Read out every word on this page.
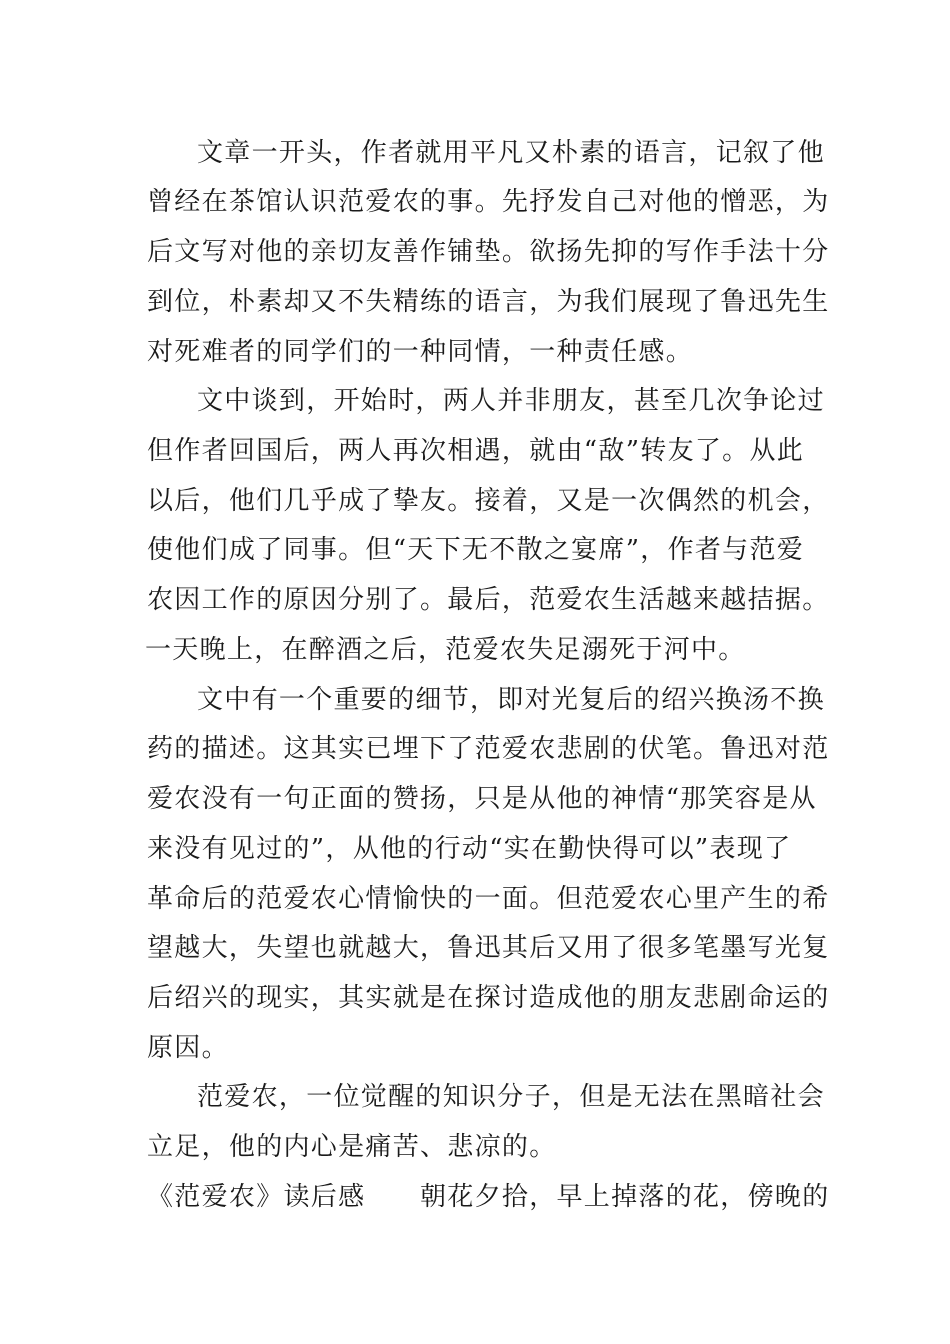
文章一开头，作者就用平凡又朴素的语言，记叙了他
曾经在茶馆认识范爱农的事。先抒发自己对他的憎恶，为
后文写对他的亲切友善作铺垫。欲扬先抑的写作手法十分
到位，朴素却又不失精练的语言，为我们展现了鲁迅先生
对死难者的同学们的一种同情，一种责任感。
文中谈到，开始时，两人并非朋友，甚至几次争论过
但作者回国后，两人再次相遇，就由“敌”转友了。从此
以后，他们几乎成了挚友。接着，又是一次偶然的机会，
使他们成了同事。但“天下无不散之宴席”，作者与范爱
农因工作的原因分别了。最后，范爱农生活越来越拮据。
一天晚上，在醉酒之后，范爱农失足溺死于河中。
文中有一个重要的细节，即对光复后的绍兴换汤不换
药的描述。这其实已埋下了范爱农悲剧的伏笔。鲁迅对范
爱农没有一句正面的赞扬，只是从他的神情“那笑容是从
来没有见过的”，从他的行动“实在勤快得可以”表现了
革命后的范爱农心情愉快的一面。但范爱农心里产生的希
望越大，失望也就越大，鲁迅其后又用了很多笔墨写光复
后绍兴的现实，其实就是在探讨造成他的朋友悲剧命运的
原因。
范爱农，一位觉醒的知识分子，但是无法在黑暗社会
立足，他的内心是痛苦、悲凉的。
《范爱农》读后感　　朝花夕拾，早上掉落的花，傍晚的
